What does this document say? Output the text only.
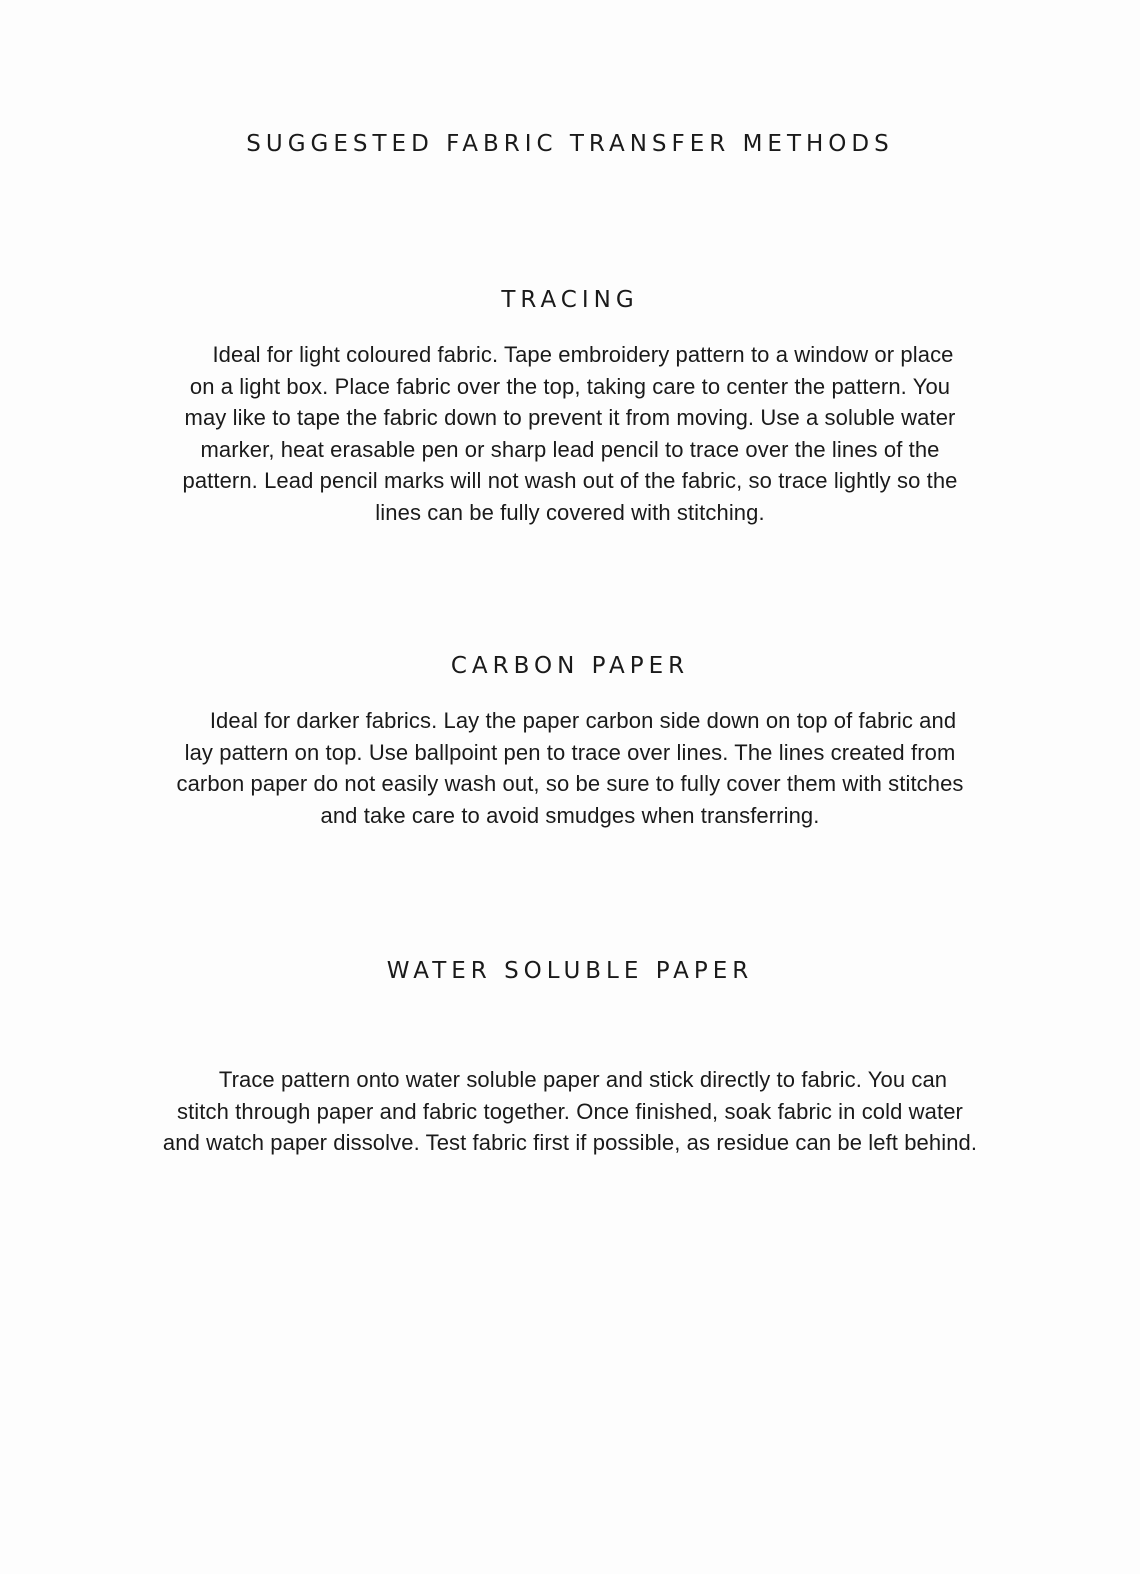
SUGGESTED FABRIC TRANSFER METHODS
TRACING

Ideal for light coloured fabric. Tape embroidery pattern to a window or place
on a light box. Place fabric over the top, taking care to center the pattern. You
may like to tape the fabric down to prevent it from moving. Use a soluble water
marker, heat erasable pen or sharp lead pencil to trace over the lines of the
pattern. Lead pencil marks will not wash out of the fabric, so trace lightly so the
lines can be fully covered with stitching.

CARBON PAPER

Ideal for darker fabrics. Lay the paper carbon side down on top of fabric and
lay pattern on top. Use ballpoint pen to trace over lines. The lines created from
carbon paper do not easily wash out, so be sure to fully cover them with stitches
and take care to avoid smudges when transferring.

WATER SOLUBLE PAPER

Trace pattern onto water soluble paper and stick directly to fabric. You can
stitch through paper and fabric together. Once finished, soak fabric in cold water
and watch paper dissolve. Test fabric first if possible, as residue can be left behind.
